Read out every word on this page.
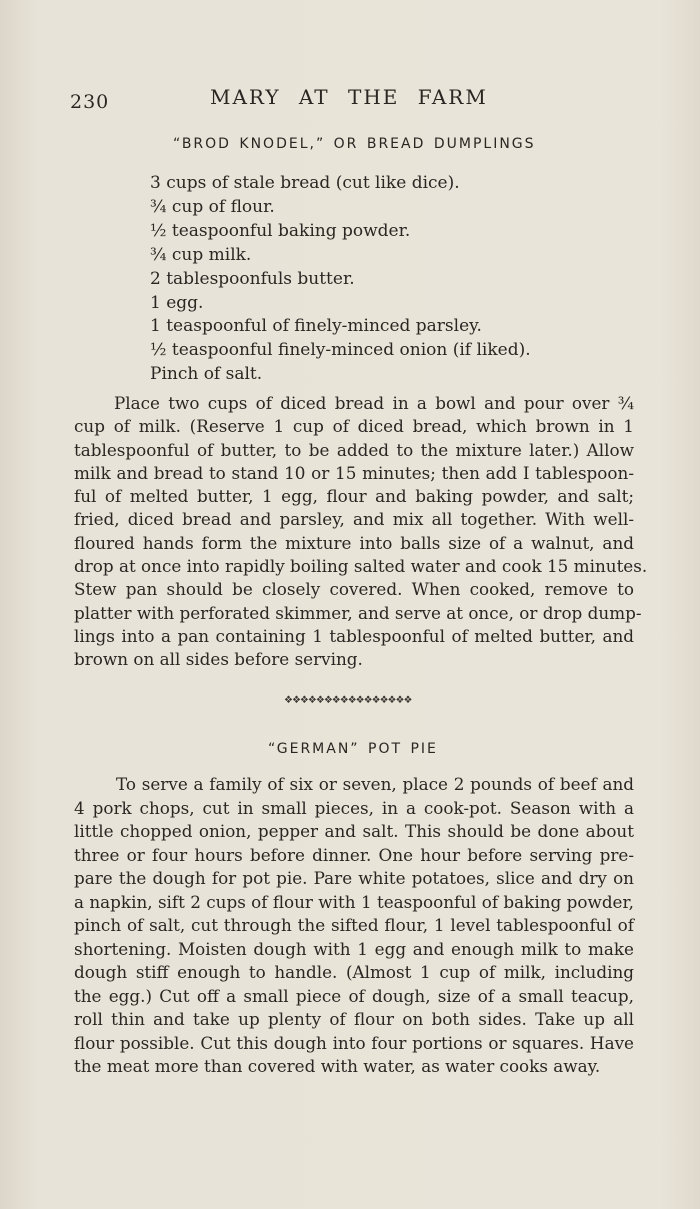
230	MARY AT THE FARM
“BROD KNODEL,” OR BREAD DUMPLINGS
3 cups of stale bread (cut like dice).
¾ cup of flour.
½ teaspoonful baking powder.
¾ cup milk.
2 tablespoonfuls butter.
1 egg.
1 teaspoonful of finely-minced parsley.
½ teaspoonful finely-minced onion (if liked).
Pinch of salt.

Place two cups of diced bread in a bowl and pour over ¾
cup of milk. (Reserve 1 cup of diced bread, which brown in 1
tablespoonful of butter, to be added to the mixture later.) Allow
milk and bread to stand 10 or 15 minutes; then add I tablespoon-
ful of melted butter, 1 egg, flour and baking powder, and salt;
fried, diced bread and parsley, and mix all together. With well-
floured hands form the mixture into balls size of a walnut, and
drop at once into rapidly boiling salted water and cook 15 minutes.
Stew pan should be closely covered. When cooked, remove to
platter with perforated skimmer, and serve at once, or drop dump-
lings into a pan containing 1 tablespoonful of melted butter, and
brown on all sides before serving.

❖❖❖❖❖❖❖❖❖❖❖❖❖❖❖❖
“GERMAN” POT PIE

To serve a family of six or seven, place 2 pounds of beef and
4 pork chops, cut in small pieces, in a cook-pot. Season with a
little chopped onion, pepper and salt. This should be done about
three or four hours before dinner. One hour before serving pre-
pare the dough for pot pie. Pare white potatoes, slice and dry on
a napkin, sift 2 cups of flour with 1 teaspoonful of baking powder,
pinch of salt, cut through the sifted flour, 1 level tablespoonful of
shortening. Moisten dough with 1 egg and enough milk to make
dough stiff enough to handle. (Almost 1 cup of milk, including
the egg.) Cut off a small piece of dough, size of a small teacup,
roll thin and take up plenty of flour on both sides. Take up all
flour possible. Cut this dough into four portions or squares. Have
the meat more than covered with water, as water cooks away.
